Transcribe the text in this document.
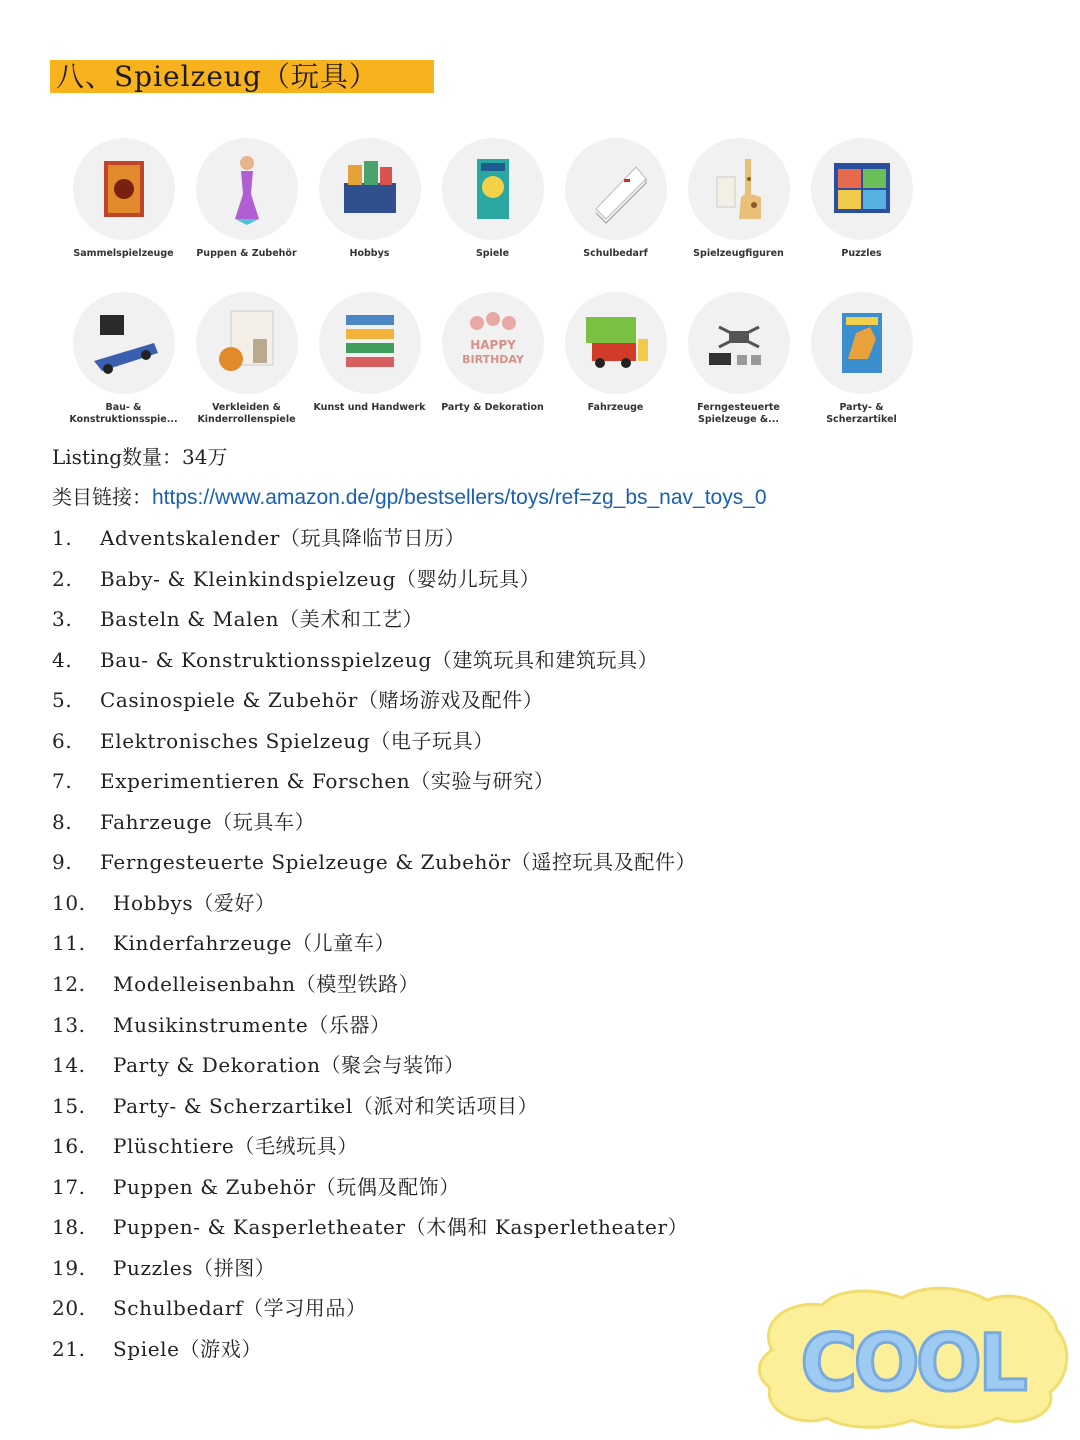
八、Spielzeug（玩具）
Sammelspielzeuge	Puppen & Zubehör	Hobbys	Spiele	Schulbedarf	Spielzeugfiguren	Puzzles
Bau- & Konstruktionsspie...
Verkleiden & Kinderrollenspiele
Kunst und Handwerk
HAPPY
BIRTHDAY
Party & Dekoration	Fahrzeuge	Ferngesteuerte Spielzeuge &...
Party- & Scherzartikel
Listing数量：34万
类目链接：https://www.amazon.de/gp/bestsellers/toys/ref=zg_bs_nav_toys_0
1. Adventskalender（玩具降临节日历）
2. Baby- & Kleinkindspielzeug（婴幼儿玩具）
3. Basteln & Malen（美术和工艺）
4. Bau- & Konstruktionsspielzeug（建筑玩具和建筑玩具）
5. Casinospiele & Zubehör（赌场游戏及配件）
6. Elektronisches Spielzeug（电子玩具）
7. Experimentieren & Forschen（实验与研究）
8. Fahrzeuge（玩具车）
9. Ferngesteuerte Spielzeuge & Zubehör（遥控玩具及配件）
10. Hobbys（爱好）
11. Kinderfahrzeuge（儿童车）
12. Modelleisenbahn（模型铁路）
13. Musikinstrumente（乐器）
14. Party & Dekoration（聚会与装饰）
15. Party- & Scherzartikel（派对和笑话项目）
16. Plüschtiere（毛绒玩具）
17. Puppen & Zubehör（玩偶及配饰）
18. Puppen- & Kasperletheater（木偶和 Kasperletheater）
19. Puzzles（拼图）
20. Schulbedarf（学习用品）
21. Spiele（游戏）	COOL
